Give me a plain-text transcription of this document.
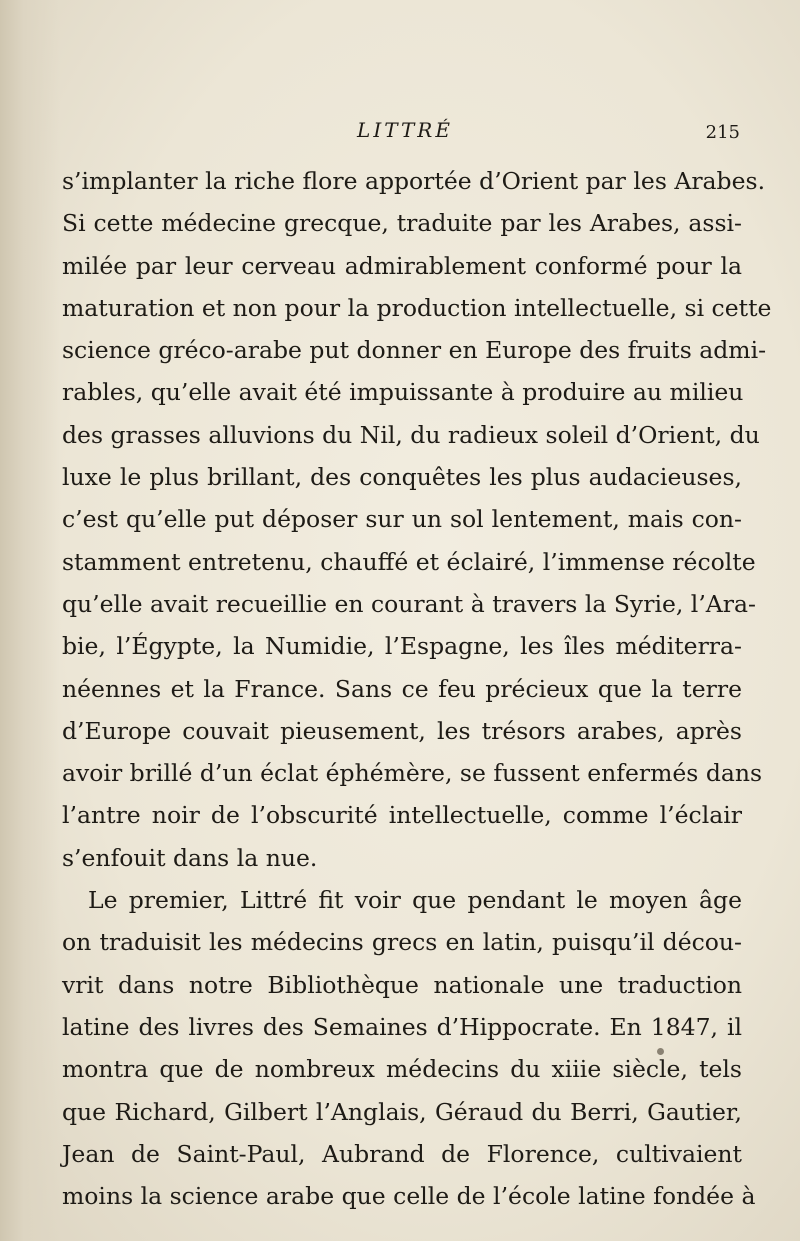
LITTRÉ	215
s’implanter la riche flore apportée d’Orient par les Arabes.
Si cette médecine grecque, traduite par les Arabes, assi-
milée par leur cerveau admirablement conformé pour la
maturation et non pour la production intellectuelle, si cette
science gréco-arabe put donner en Europe des fruits admi-
rables, qu’elle avait été impuissante à produire au milieu
des grasses alluvions du Nil, du radieux soleil d’Orient, du
luxe le plus brillant, des conquêtes les plus audacieuses,
c’est qu’elle put déposer sur un sol lentement, mais con-
stamment entretenu, chauffé et éclairé, l’immense récolte
qu’elle avait recueillie en courant à travers la Syrie, l’Ara-
bie, l’Égypte, la Numidie, l’Espagne, les îles méditerra-
néennes et la France. Sans ce feu précieux que la terre
d’Europe couvait pieusement, les trésors arabes, après
avoir brillé d’un éclat éphémère, se fussent enfermés dans
l’antre noir de l’obscurité intellectuelle, comme l’éclair
s’enfouit dans la nue.
Le premier, Littré fit voir que pendant le moyen âge
on traduisit les médecins grecs en latin, puisqu’il décou-
vrit dans notre Bibliothèque nationale une traduction
latine des livres des Semaines d’Hippocrate. En 1847, il
montra que de nombreux médecins du xiiie siècle, tels
que Richard, Gilbert l’Anglais, Géraud du Berri, Gautier,
Jean de Saint-Paul, Aubrand de Florence, cultivaient
moins la science arabe que celle de l’école latine fondée à
